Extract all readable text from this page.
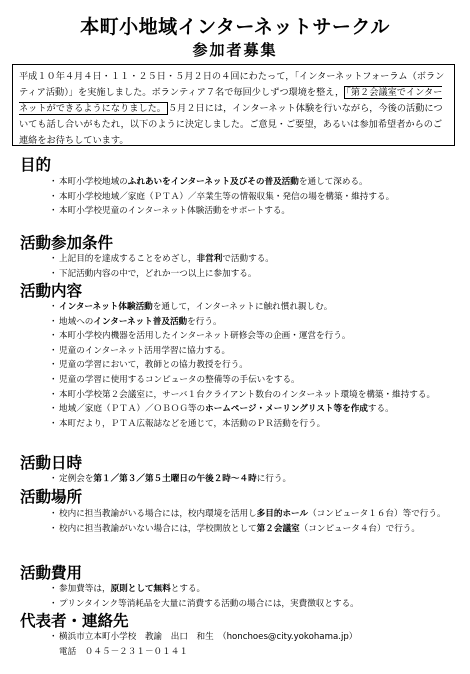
本町小地域インターネットサークル
参加者募集
平成１０年４月４日・１１・２５日・５月２日の４回にわたって，「インターネットフォーラム（ボランティア活動）」を実施しました。ボランティア７名で毎回少しずつ環境を整え， 「第２会議室でインターネットができるようになりました。 ５月２日には，インターネット体験を行いながら，今後の活動についても話し合いがもたれ，以下のように決定しました。ご意見・ご要望，あるいは参加希望者からのご連絡をお待ちしています。
目的
・ 本町小学校地域のふれあいをインターネット及びその普及活動を通して深める。
・ 本町小学校地域／家庭（ＰＴＡ）／卒業生等の情報収集・発信の場を構築・維持する。
・ 本町小学校児童のインターネット体験活動をサポートする。
活動参加条件
・ 上記目的を達成することをめざし，非営利で活動する。
・ 下記活動内容の中で，どれか一つ以上に参加する。
活動内容
・ インターネット体験活動を通して，インターネットに触れ慣れ親しむ。
・ 地域へのインターネット普及活動を行う。
・ 本町小学校内機器を活用したインターネット研修会等の企画・運営を行う。
・ 児童のインターネット活用学習に協力する。
・ 児童の学習において，教師との協力教授を行う。
・ 児童の学習に使用するコンピュータの整備等の手伝いをする。
・ 本町小学校第２会議室に，サーバ１台クライアント数台のインターネット環境を構築・維持する。
・ 地域／家庭（ＰＴＡ）／ＯＢＯＧ等のホームページ・メーリングリスト等を作成する。
・ 本町だより，ＰＴＡ広報誌などを通じて，本活動のＰＲ活動を行う。
活動日時
・ 定例会を第１／第３／第５土曜日の午後２時～４時に行う。
活動場所
・ 校内に担当教諭がいる場合には，校内環境を活用し多目的ホール（コンピュータ１６台）等で行う。
・ 校内に担当教諭がいない場合には，学校開放として第２会議室（コンピュータ４台）で行う。
活動費用
・ 参加費等は，原則として無料とする。
・ プリンタインク等消耗品を大量に消費する活動の場合には，実費徴収とする。
代表者・連絡先
・ 横浜市立本町小学校　教諭　出口　和生　（honchoes@city.yokohama.jp）
電話　０４５－２３１－０１４１
